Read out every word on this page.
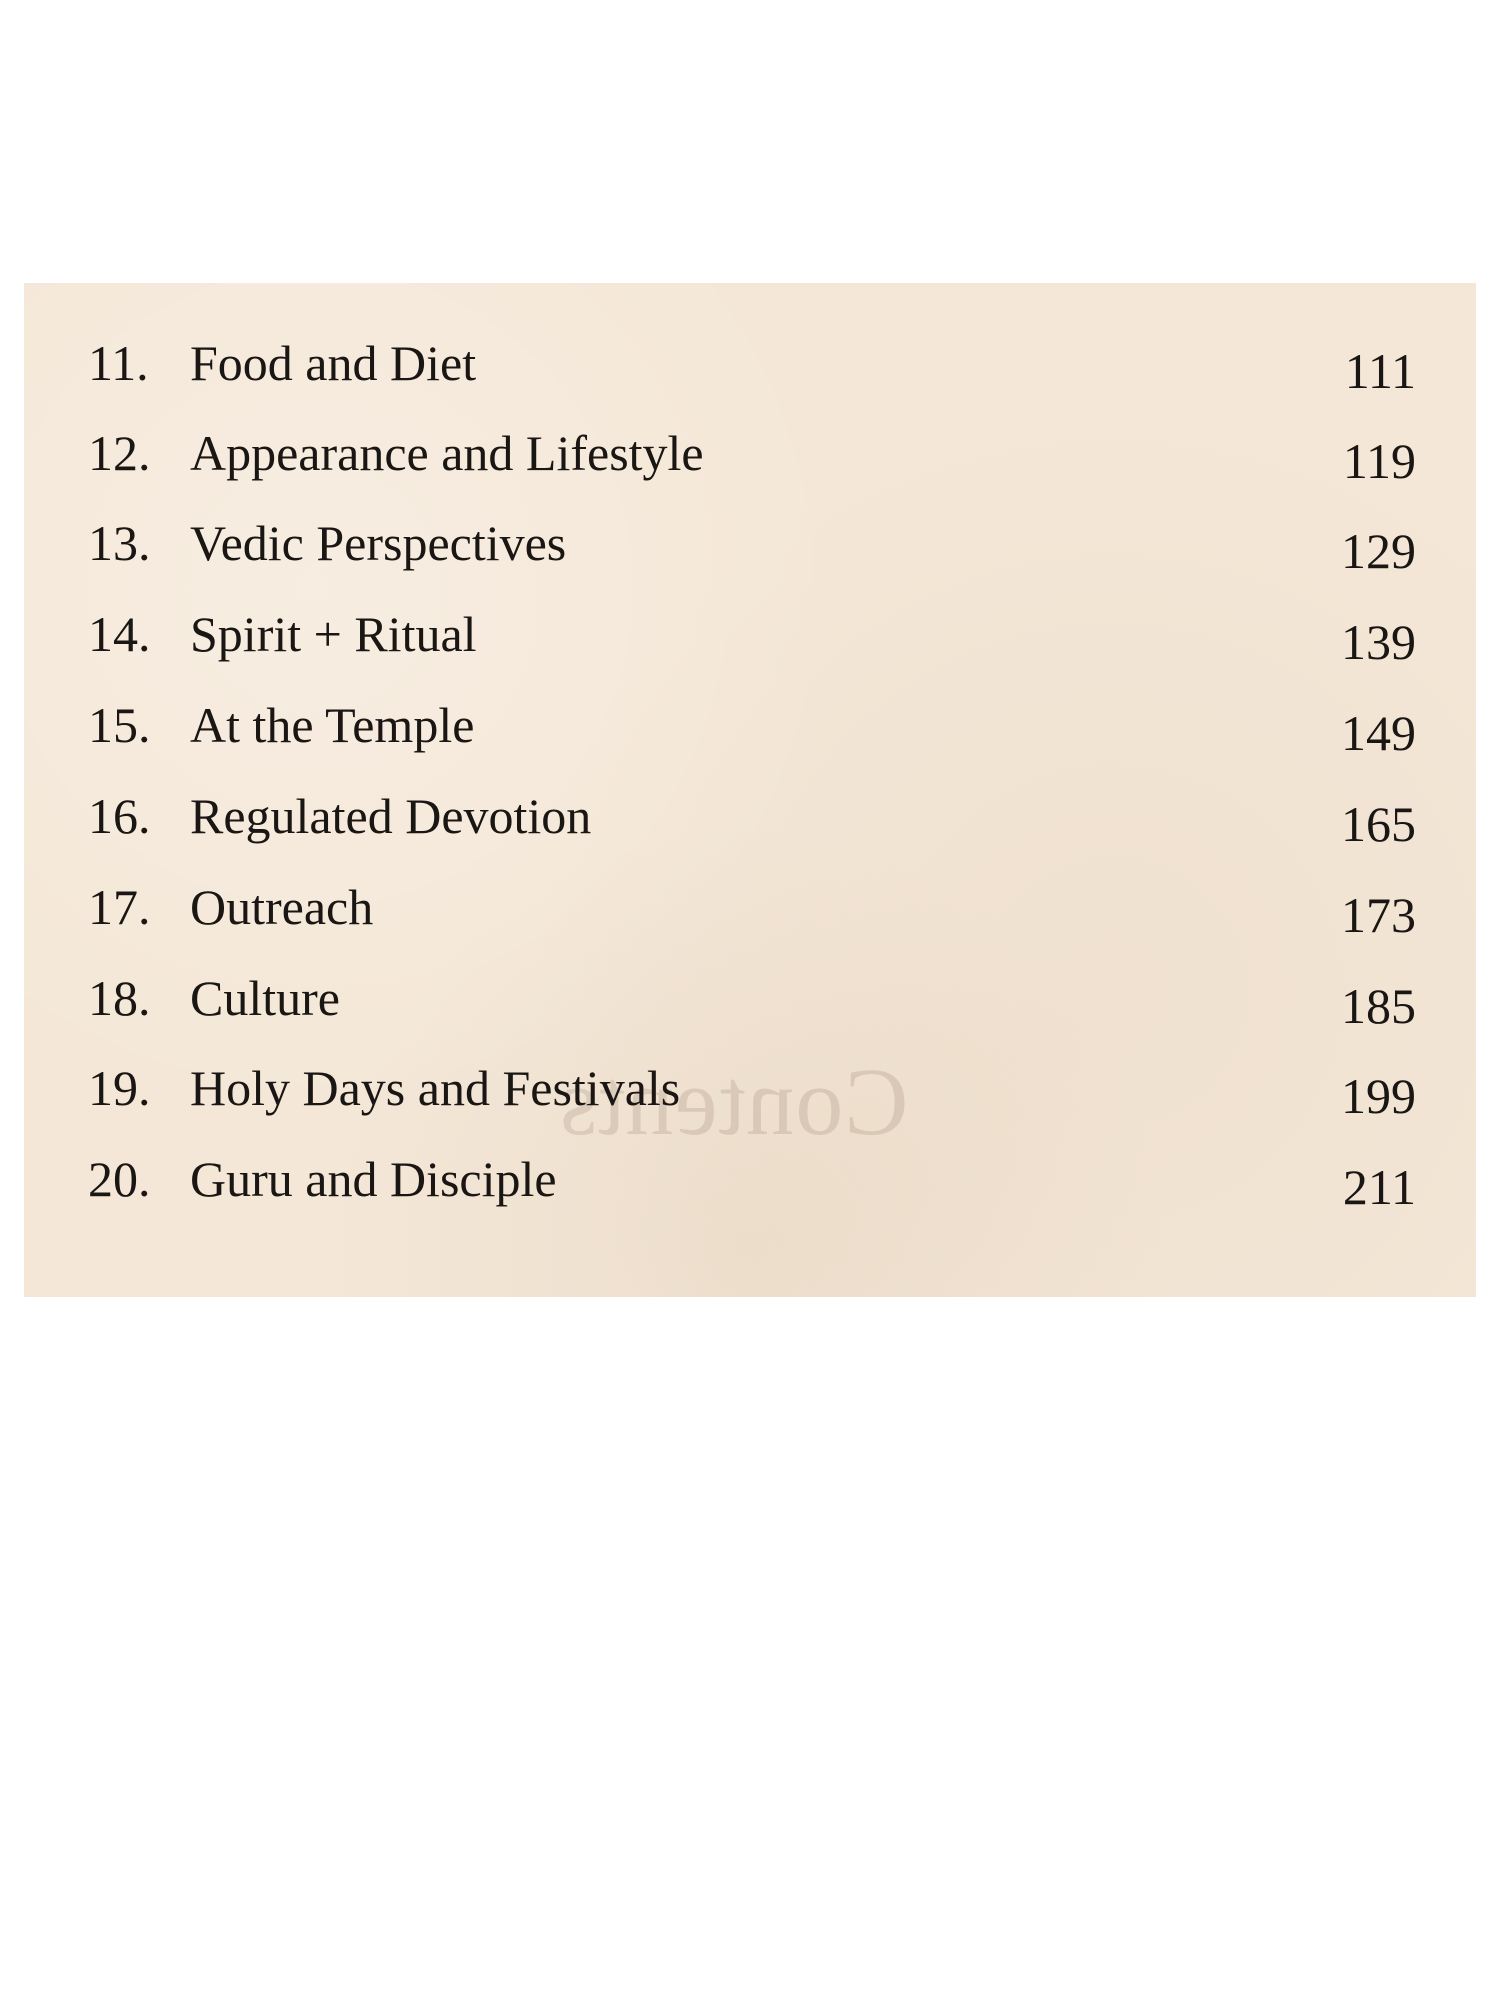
Contents
11. Food and Diet	111
12. Appearance and Lifestyle	119
13. Vedic Perspectives	129
14. Spirit + Ritual	139
15. At the Temple	149
16. Regulated Devotion	165
17. Outreach	173
18. Culture	185
19. Holy Days and Festivals	199
20. Guru and Disciple	211
